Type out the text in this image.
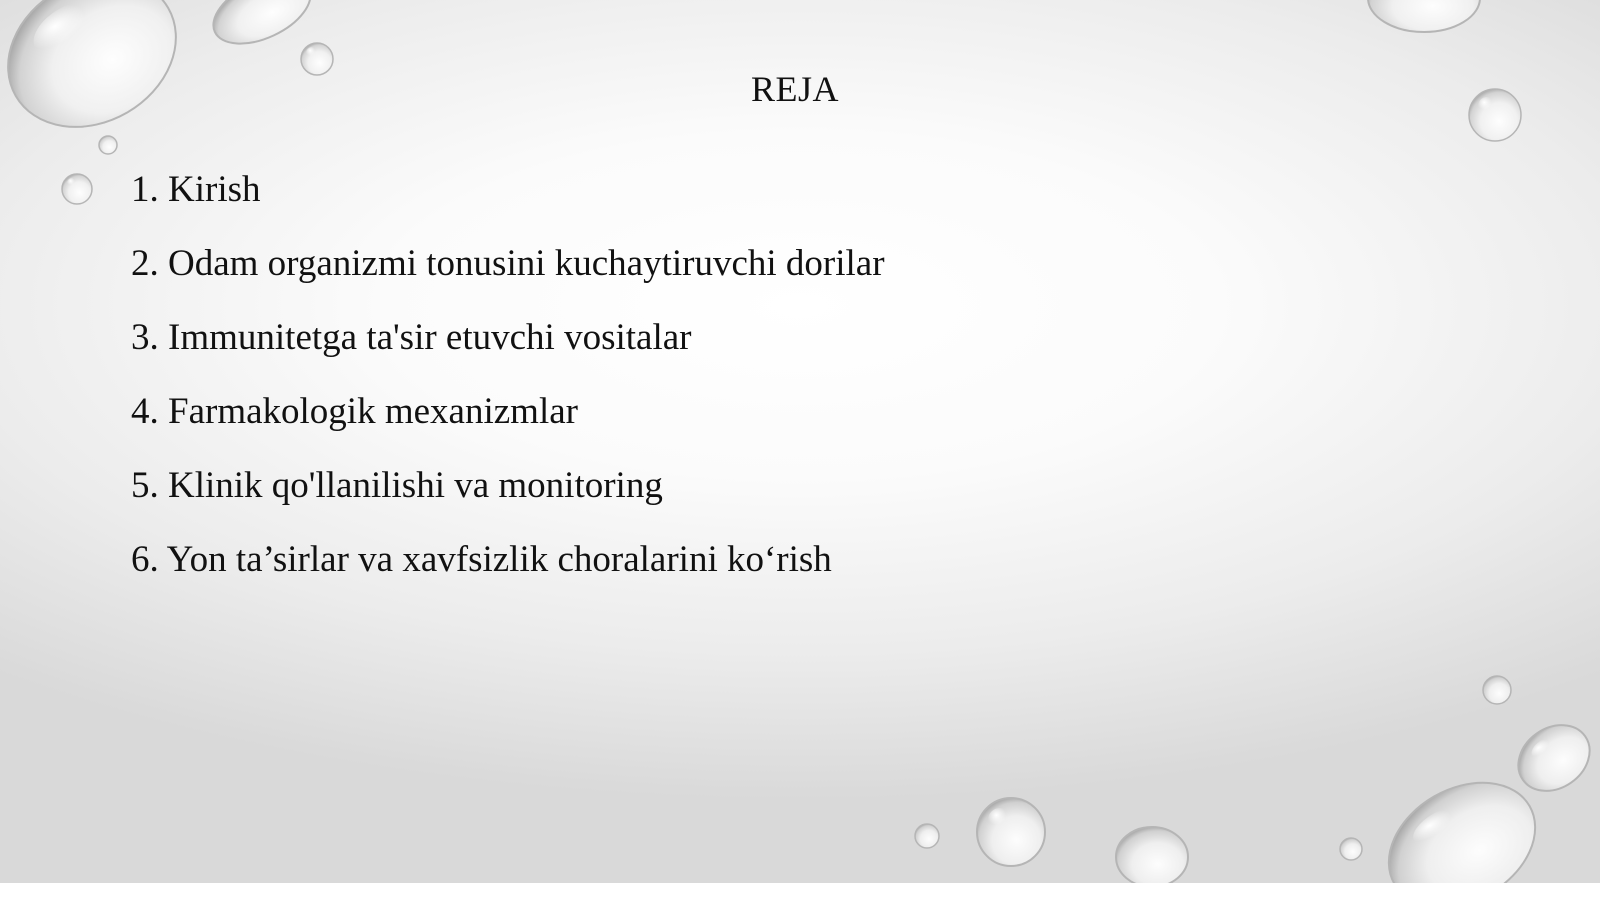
REJA
1. Kirish
2. Odam organizmi tonusini kuchaytiruvchi dorilar
3. Immunitetga ta'sir etuvchi vositalar
4. Farmakologik mexanizmlar
5. Klinik qo'llanilishi va monitoring
6. Yon ta’sirlar va xavfsizlik choralarini ko‘rish
